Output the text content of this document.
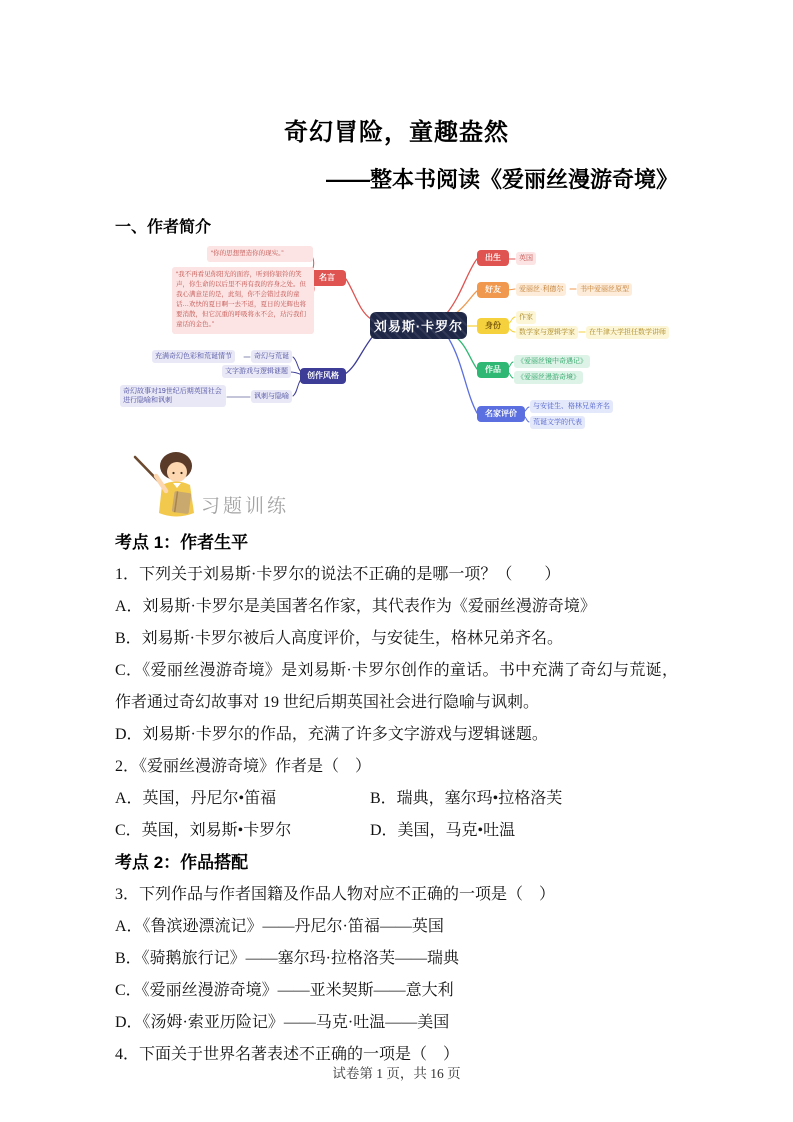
奇幻冒险，童趣盎然
——整本书阅读《爱丽丝漫游奇境》
一、作者简介
刘易斯·卡罗尔
名言
“你的思想塑造你的现实。”
“我不再看见你阳光的面容，听到你银铃的笑声，你生命的以后里不再有我的容身之处。但我心满意足的是，此刻，你不会错过我的童话…欢快的夏日啊一去不返，夏日的光辉也将要消散，但它沉重的呼吸将永不会，玷污我们童话的金色。”
创作风格
充满奇幻色彩和荒诞情节	奇幻与荒诞
文字游戏与逻辑谜题
奇幻故事对19世纪后期英国社会进行隐喻和讽刺
讽刺与隐喻
出生	英国
好友	爱丽丝·利德尔	书中爱丽丝原型
身份
作家
数学家与逻辑学家	在牛津大学担任数学讲师
作品
《爱丽丝镜中奇遇记》
《爱丽丝漫游奇境》
名家评价
与安徒生、格林兄弟齐名
荒诞文学的代表
习题训练
考点 1：作者生平
1．下列关于刘易斯·卡罗尔的说法不正确的是哪一项？（　　）
A．刘易斯·卡罗尔是美国著名作家，其代表作为《爱丽丝漫游奇境》
B．刘易斯·卡罗尔被后人高度评价，与安徒生，格林兄弟齐名。
C．《爱丽丝漫游奇境》是刘易斯·卡罗尔创作的童话。书中充满了奇幻与荒诞，作者通过奇幻故事对 19 世纪后期英国社会进行隐喻与讽刺。
D．刘易斯·卡罗尔的作品，充满了许多文字游戏与逻辑谜题。
2．《爱丽丝漫游奇境》作者是（　）
A．英国，丹尼尔•笛福	B．瑞典，塞尔玛•拉格洛芙
C．英国，刘易斯•卡罗尔	D．美国，马克•吐温
考点 2：作品搭配
3．下列作品与作者国籍及作品人物对应不正确的一项是（　）
A．《鲁滨逊漂流记》——丹尼尔·笛福——英国
B．《骑鹅旅行记》——塞尔玛·拉格洛芙——瑞典
C．《爱丽丝漫游奇境》——亚米契斯——意大利
D．《汤姆·索亚历险记》——马克·吐温——美国
4．下面关于世界名著表述不正确的一项是（　）
试卷第 1 页，共 16 页
